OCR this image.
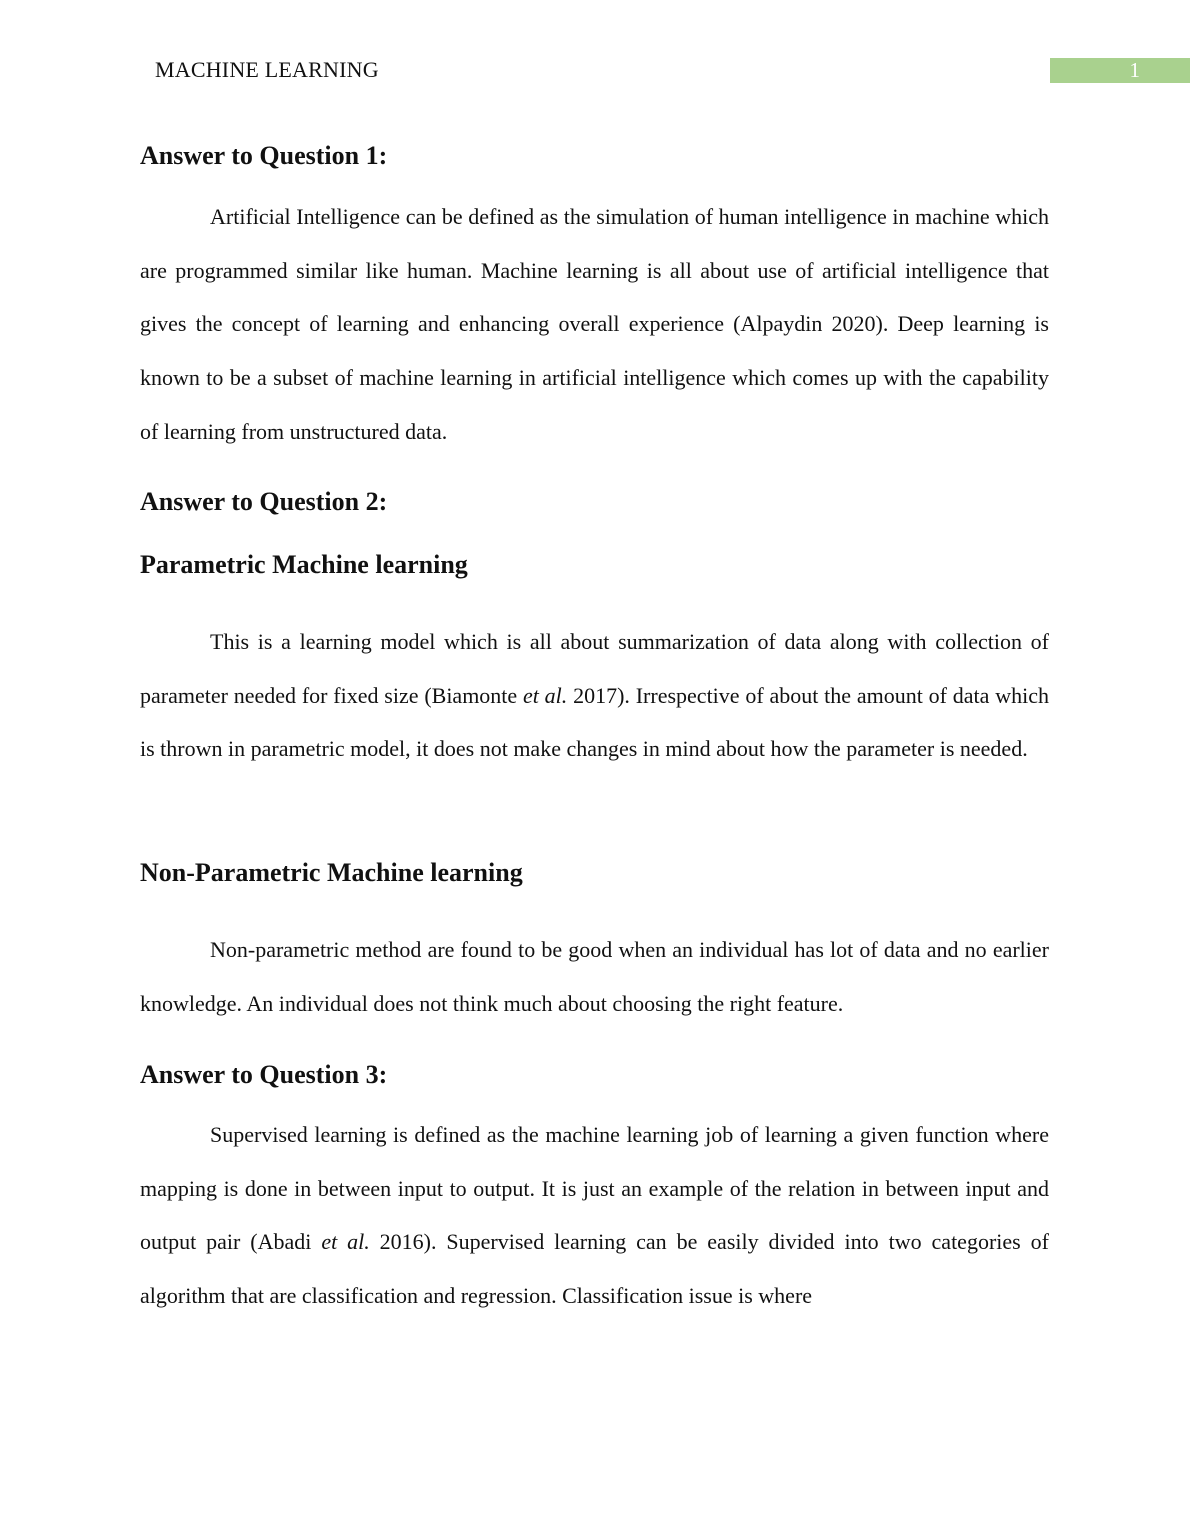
MACHINE LEARNING	1
Answer to Question 1:

Artificial Intelligence can be defined as the simulation of human intelligence in machine which are programmed similar like human. Machine learning is all about use of artificial intelligence that gives the concept of learning and enhancing overall experience (Alpaydin 2020). Deep learning is known to be a subset of machine learning in artificial intelligence which comes up with the capability of learning from unstructured data.

Answer to Question 2:
Parametric Machine learning

This is a learning model which is all about summarization of data along with collection of parameter needed for fixed size (Biamonte et al. 2017). Irrespective of about the amount of data which is thrown in parametric model, it does not make changes in mind about how the parameter is needed.

Non-Parametric Machine learning

Non-parametric method are found to be good when an individual has lot of data and no earlier knowledge. An individual does not think much about choosing the right feature.

Answer to Question 3:

Supervised learning is defined as the machine learning job of learning a given function where mapping is done in between input to output. It is just an example of the relation in between input and output pair (Abadi et al. 2016). Supervised learning can be easily divided into two categories of algorithm that are classification and regression. Classification issue is where
